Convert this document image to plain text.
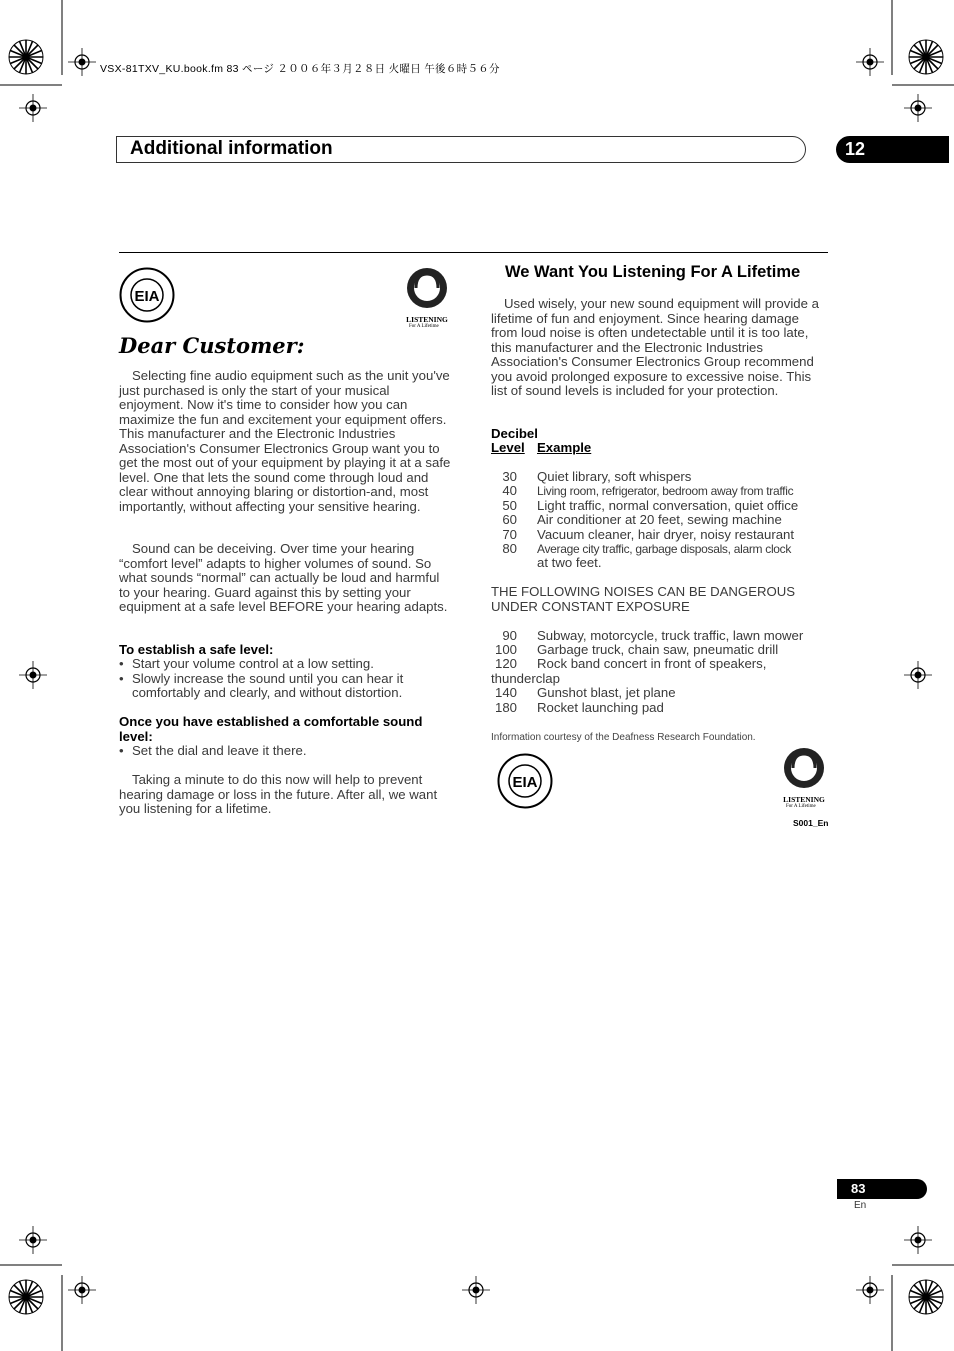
VSX-81TXV_KU.book.fm 83 ページ ２００６年３月２８日 火曜日 午後６時５６分
Additional information	12
EIA
LISTENING
For A Lifetime
Dear Customer:
Selecting fine audio equipment such as the unit you've just purchased is only the start of your musical enjoyment. Now it's time to consider how you can maximize the fun and excitement your equipment offers. This manufacturer and the Electronic Industries Association's Consumer Electronics Group want you to get the most out of your equipment by playing it at a safe level. One that lets the sound come through loud and clear without annoying blaring or distortion-and, most importantly, without affecting your sensitive hearing.
Sound can be deceiving. Over time your hearing “comfort level” adapts to higher volumes of sound. So what sounds “normal” can actually be loud and harmful to your hearing. Guard against this by setting your equipment at a safe level BEFORE your hearing adapts.
To establish a safe level:
• Start your volume control at a low setting.
• Slowly increase the sound until you can hear it comfortably and clearly, and without distortion.
Once you have established a comfortable sound level:
• Set the dial and leave it there.
Taking a minute to do this now will help to prevent hearing damage or loss in the future. After all, we want you listening for a lifetime.
We Want You Listening For A Lifetime
Used wisely, your new sound equipment will provide a lifetime of fun and enjoyment. Since hearing damage from loud noise is often undetectable until it is too late, this manufacturer and the Electronic Industries Association's Consumer Electronics Group recommend you avoid prolonged exposure to excessive noise. This list of sound levels is included for your protection.
Decibel
Level Example
30 Quiet library, soft whispers
40 Living room, refrigerator, bedroom away from traffic
50 Light traffic, normal conversation, quiet office
60 Air conditioner at 20 feet, sewing machine
70 Vacuum cleaner, hair dryer, noisy restaurant
80 Average city traffic, garbage disposals, alarm clock
at two feet.
THE FOLLOWING NOISES CAN BE DANGEROUS UNDER CONSTANT EXPOSURE
90 Subway, motorcycle, truck traffic, lawn mower
100 Garbage truck, chain saw, pneumatic drill
120 Rock band concert in front of speakers,
thunderclap
140 Gunshot blast, jet plane
180 Rocket launching pad
Information courtesy of the Deafness Research Foundation.
EIA
LISTENING
For A Lifetime
S001_En
83
En
